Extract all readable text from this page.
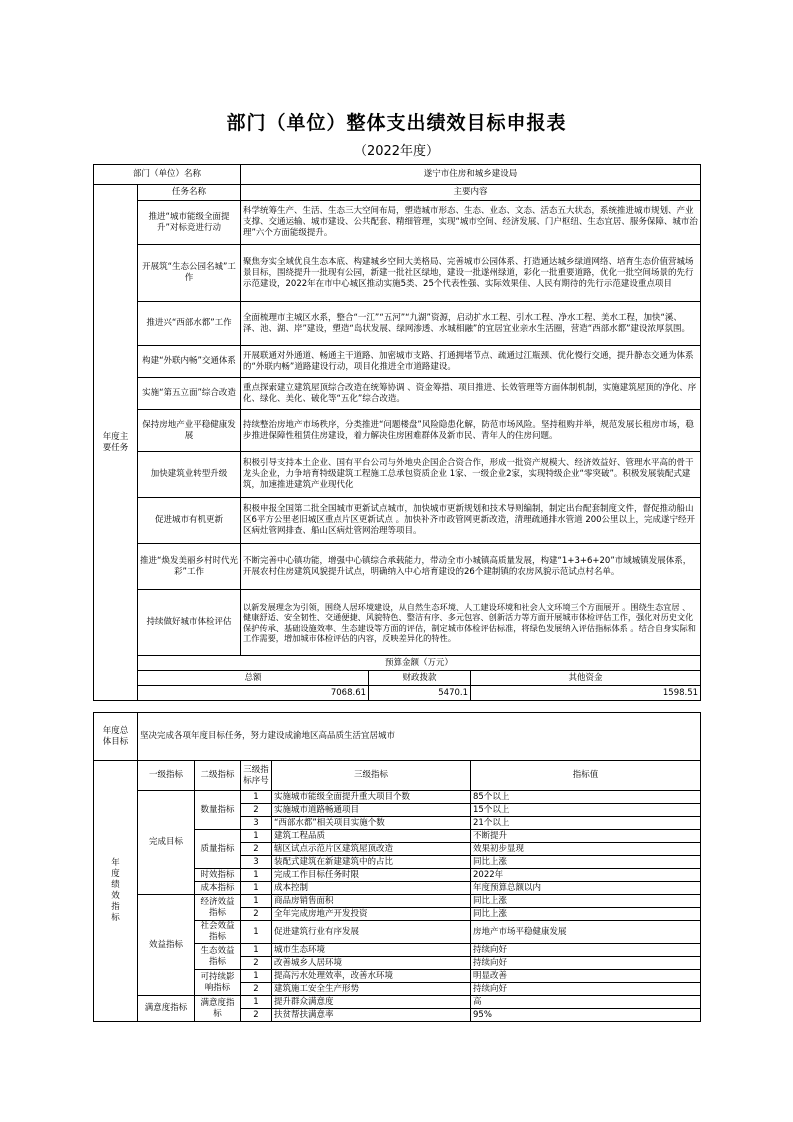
部门（单位）整体支出绩效目标申报表
（2022年度）
部门（单位）名称		遂宁市住房和城乡建设局		
年度主要任务	任务名称	主要内容		
	推进“城市能级全面提升”对标竞进行动	科学统筹生产、生活、生态三大空间布局，塑造城市形态、生态、业态、文态、活态五大状态，系统推进城市规划、产业支撑、交通运输、城市建设、公共配套、精细管理，实现“城市空间、经济发展、门户枢纽、生态宜居、服务保障、城市治理”六个方面能级提升。		
	开展筑“生态公园名城”工作	聚焦夯实全域优良生态本底、构建城乡空间大美格局、完善城市公园体系、打造通达城乡绿道网络、培育生态价值营城场景目标，围绕提升一批现有公园，新建一批社区绿地，建设一批遂州绿道，彩化一批重要道路，优化一批空间场景的先行示范建设，2022年在市中心城区推动实施5类、25个代表性强、实际效果佳、人民有期待的先行示范建设重点项目		
	推进兴“西部水都”工作	全面梳理市主城区水系，整合“一江”“五河”“九湖”资源，启动扩水工程、引水工程、净水工程、美水工程，加快“溪、泽、池、湖、岸”建设，塑造“岛状发展、绿网渗透、水城相融”的宜居宜业亲水生活圈，营造“西部水都”建设浓厚氛围。		
	构建“外联内畅”交通体系	开展联通对外通道、畅通主干道路、加密城市支路、打通拥堵节点、疏通过江瓶颈、优化慢行交通，提升静态交通为体系的“外联内畅”道路建设行动，项目化推进全市道路建设。		
	实施“第五立面”综合改造	重点探索建立建筑屋顶综合改造在统筹协调 、资金筹措、项目推进、长效管理等方面体制机制，实施建筑屋顶的净化、序化、绿化、美化、破化等“五化”综合改造。		
	保持房地产业平稳健康发展	持续整治房地产市场秩序，分类推进“问题楼盘”风险隐患化解，防范市场风险。坚持租购并举，规范发展长租房市场，稳步推进保障性租赁住房建设，着力解决住房困难群体及新市民、青年人的住房问题。		
	加快建筑业转型升级	积极引导支持本土企业、国有平台公司与外地央企国企合资合作，形成一批资产规模大、经济效益好、管理水平高的骨干龙头企业，力争培育特级建筑工程施工总承包资质企业 1家、一级企业2家，实现特级企业“零突破”。积极发展装配式建筑，加速推进建筑产业现代化		
	促进城市有机更新	积极申报全国第二批全国城市更新试点城市，加快城市更新规划和技术导则编制，制定出台配套制度文件，督促推动船山区6平方公里老旧城区重点片区更新试点 。加快补齐市政管网更新改造，清理疏通排水管道 200公里以上，完成遂宁经开区病灶管网排查、船山区病灶管网治理等项目。		
	推进“焕发美丽乡村时代光彩”工作	不断完善中心镇功能，增强中心镇综合承载能力，带动全市小城镇高质量发展，构建“1+3+6+20”市域城镇发展体系，开展农村住房建筑风貌提升试点，明确纳入中心培育建设的26个建制镇的农房风貌示范试点村名单。		
	持续做好城市体检评估	以新发展理念为引领，围绕人居环境建设，从自然生态环境、人工建设环境和社会人文环境三个方面展开 。围绕生态宜居 、健康舒适、安全韧性、交通便捷、风貌特色、整洁有序、多元包容、创新活力等方面开展城市体检评估工作，强化对历史文化保护传承、基础设施效率、生态建设等方面的评估，制定城市体检评估标准，将绿色发展纳入评估指标体系 。结合自身实际和工作需要，增加城市体检评估的内容，反映差异化的特性。		
	预算金额（万元）			
	总额		财政拨款	其他资金
	7068.61		5470.1	1598.51
年度总体目标	坚决完成各项年度目标任务，努力建设成渝地区高品质生活宜居城市
年度绩效指标	一级指标	二级指标	三级指标序号	三级指标	指标值
	完成目标	数量指标	1	实施城市能级全面提升重大项目个数	85个以上
			2	实施城市道路畅通项目	15个以上
			3	“西部水都”相关项目实施个数	21个以上
		质量指标	1	建筑工程品质	不断提升
			2	辖区试点示范片区建筑屋顶改造	效果初步显现
			3	装配式建筑在新建建筑中的占比	同比上涨
		时效指标	1	完成工作目标任务时限	2022年
		成本指标	1	成本控制	年度预算总额以内
	效益指标	经济效益指标	1	商品房销售面积	同比上涨
			2	全年完成房地产开发投资	同比上涨
		社会效益指标	1	促进建筑行业有序发展	房地产市场平稳健康发展
		生态效益指标	1	城市生态环境	持续向好
			2	改善城乡人居环境	持续向好
		可持续影响指标	1	提高污水处理效率，改善水环境	明显改善
			2	建筑施工安全生产形势	持续向好
	满意度指标	满意度指标	1	提升群众满意度	高
			2	扶贫帮扶满意率	95%
